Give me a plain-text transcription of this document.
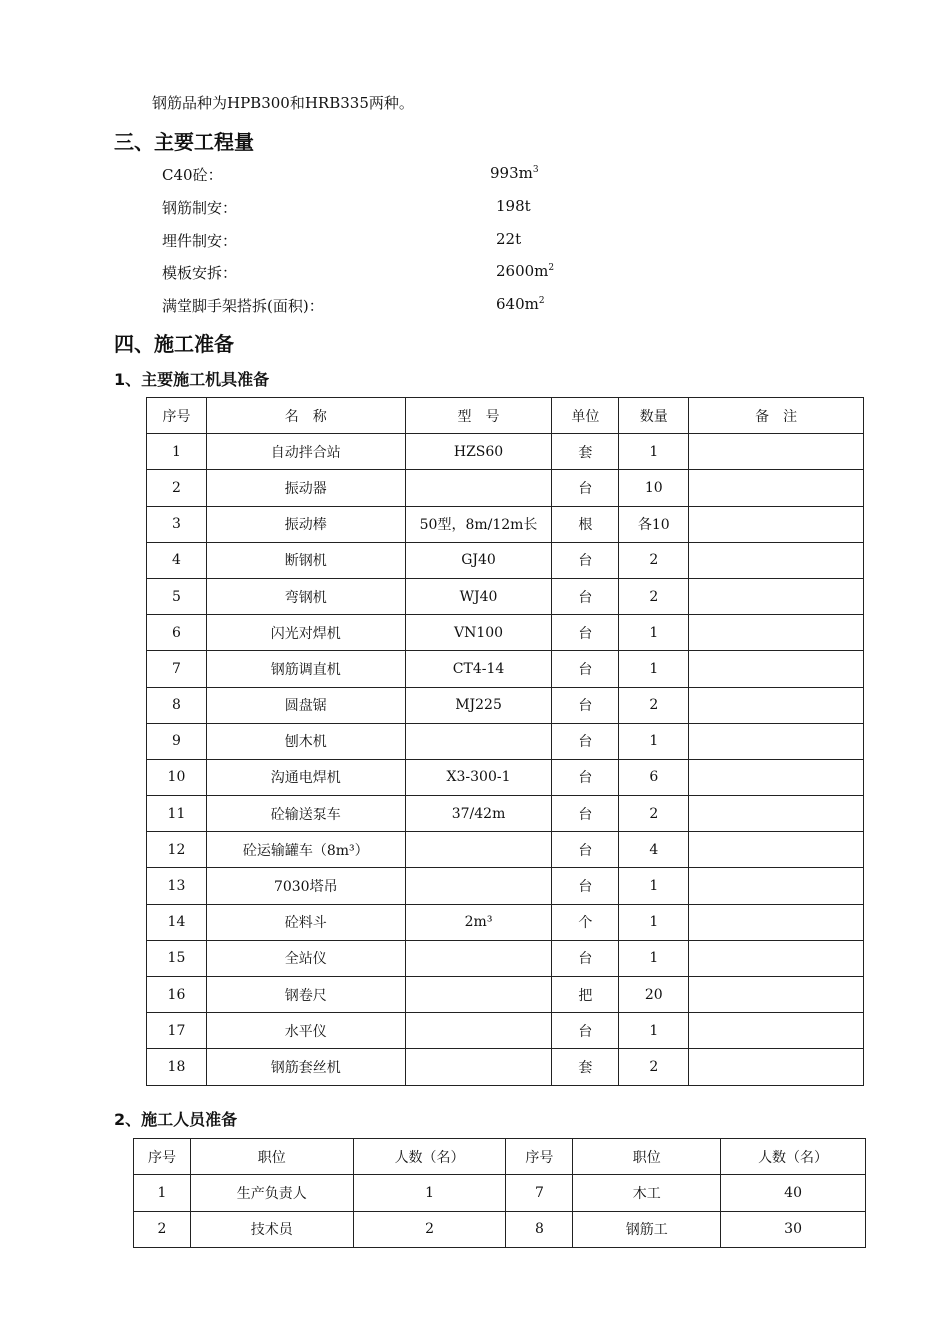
钢筋品种为HPB300和HRB335两种。
三、主要工程量
C40砼：	$993m^3$
钢筋制安：	198t
埋件制安：	22t
模板安拆：	$2600m^2$
满堂脚手架搭拆(面积)：	$640m^2$
四、施工准备
1、主要施工机具准备
序号	名　称	型　号	单位	数量	备　注
1	自动拌合站	HZS60	套	1	
2	振动器		台	10	
3	振动棒	50型，8m/12m长	根	各10	
4	断钢机	GJ40	台	2	
5	弯钢机	WJ40	台	2	
6	闪光对焊机	VN100	台	1	
7	钢筋调直机	CT4-14	台	1	
8	圆盘锯	MJ225	台	2	
9	刨木机		台	1	
10	沟通电焊机	X3-300-1	台	6	
11	砼输送泵车	37/42m	台	2	
12	砼运输罐车（8m³）		台	4	
13	7030塔吊		台	1	
14	砼料斗	2m³	个	1	
15	全站仪		台	1	
16	钢卷尺		把	20	
17	水平仪		台	1	
18	钢筋套丝机		套	2	
2、施工人员准备
序号	职位	人数（名）	序号	职位	人数（名）
1	生产负责人	1	7	木工	40
2	技术员	2	8	钢筋工	30
